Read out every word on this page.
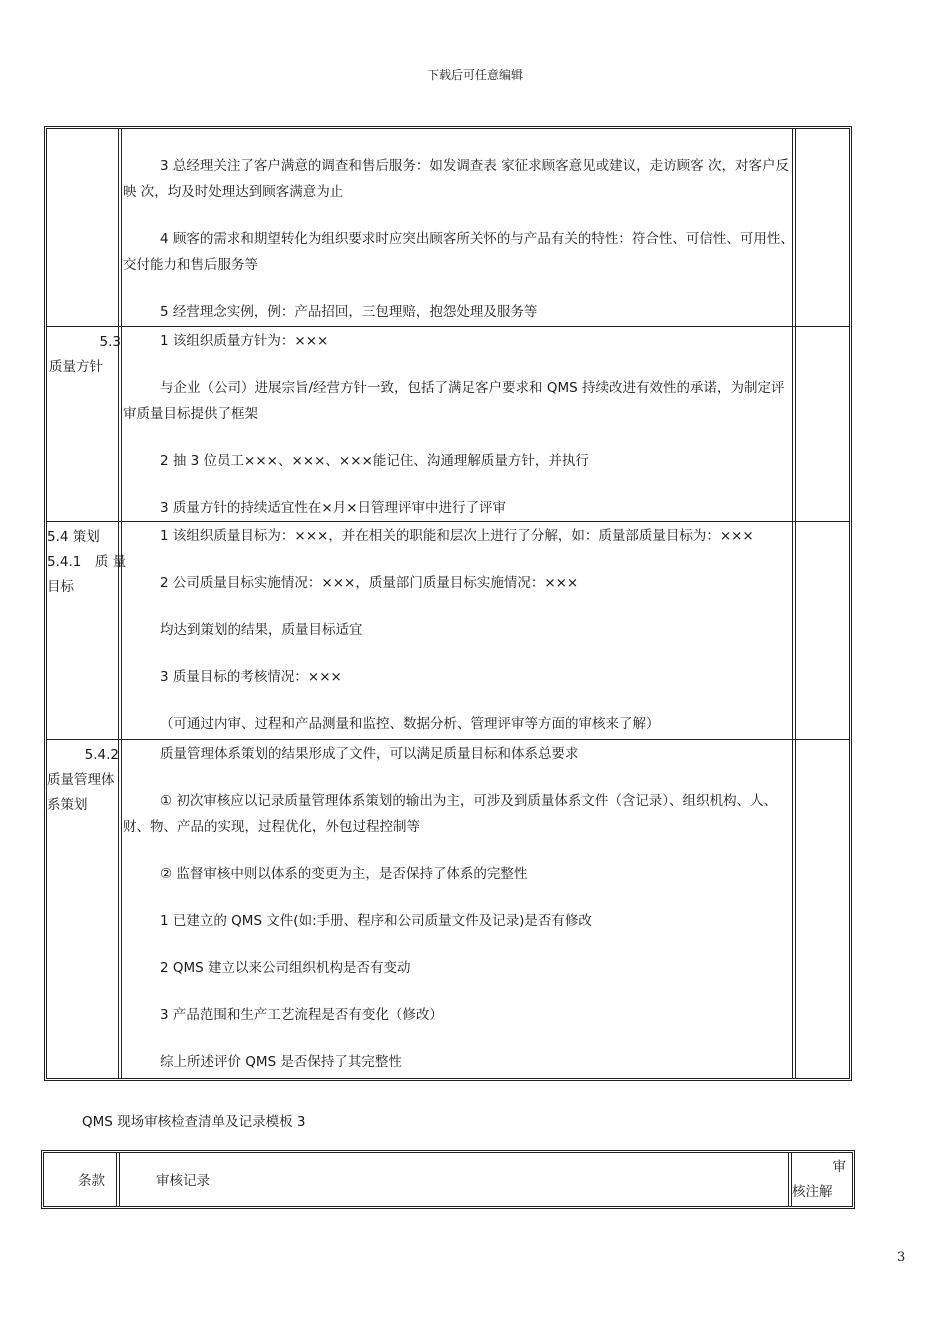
下载后可任意编辑

3 总经理关注了客户满意的调查和售后服务：如发调查表 家征求顾客意见或建议，走访顾客 次，对客户反映 次，均及时处理达到顾客满意为止

4 顾客的需求和期望转化为组织要求时应突出顾客所关怀的与产品有关的特性：符合性、可信性、可用性、交付能力和售后服务等

5 经营理念实例，例：产品招回，三包理赔，抱怨处理及服务等

5.3
质量方针

1 该组织质量方针为：×××

与企业（公司）进展宗旨/经营方针一致，包括了满足客户要求和 QMS 持续改进有效性的承诺，为制定评审质量目标提供了框架

2 抽 3 位员工×××、×××、×××能记住、沟通理解质量方针，并执行

3 质量方针的持续适宜性在×月×日管理评审中进行了评审

5.4 策划
5.4.1　质 量
目标

1 该组织质量目标为：×××，并在相关的职能和层次上进行了分解，如：质量部质量目标为：×××

2 公司质量目标实施情况：×××，质量部门质量目标实施情况：×××

均达到策划的结果，质量目标适宜

3 质量目标的考核情况：×××

（可通过内审、过程和产品测量和监控、数据分析、管理评审等方面的审核来了解）

5.4.2
质量管理体
系策划

质量管理体系策划的结果形成了文件，可以满足质量目标和体系总要求

① 初次审核应以记录质量管理体系策划的输出为主，可涉及到质量体系文件（含记录）、组织机构、人、财、物、产品的实现，过程优化，外包过程控制等

② 监督审核中则以体系的变更为主，是否保持了体系的完整性

1 已建立的 QMS 文件(如:手册、程序和公司质量文件及记录)是否有修改

2 QMS 建立以来公司组织机构是否有变动

3 产品范围和生产工艺流程是否有变化（修改）

综上所述评价 QMS 是否保持了其完整性

QMS 现场审核检查清单及记录模板 3
条款	审核记录
审
核注解
3
